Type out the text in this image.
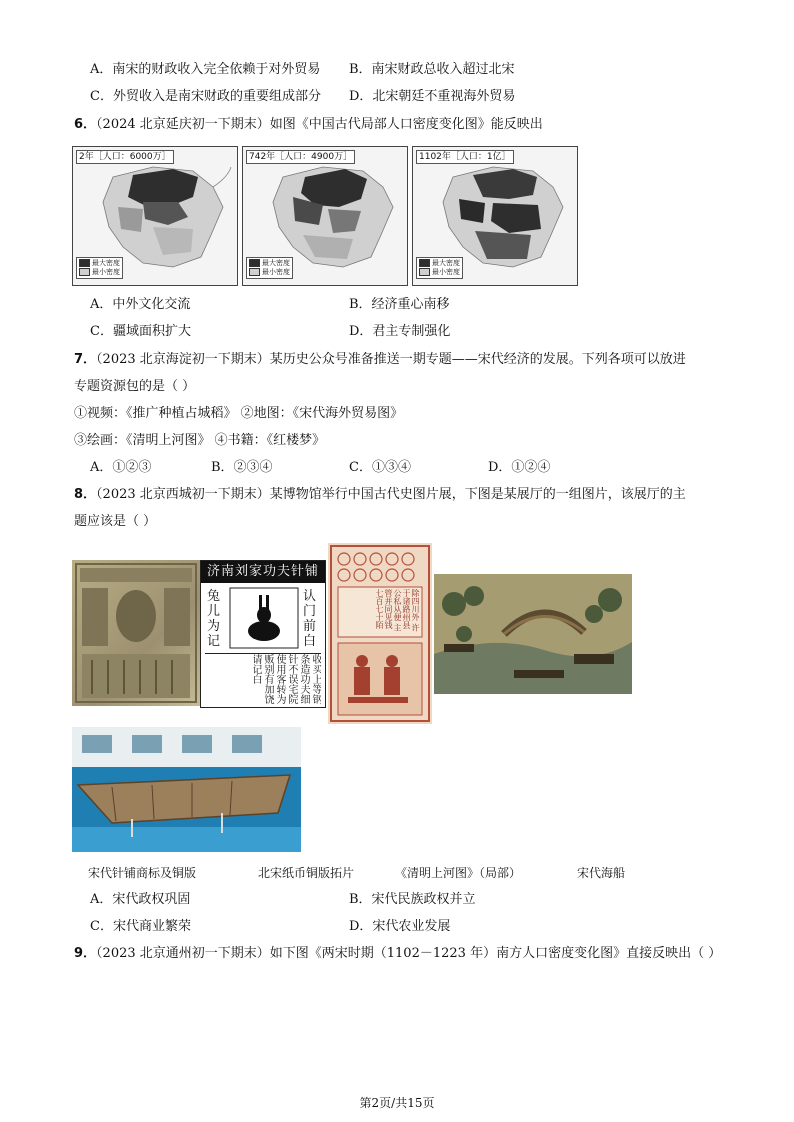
A．南宋的财政收入完全依赖于对外贸易 B．南宋财政总收入超过北宋
C．外贸收入是南宋财政的重要组成部分 D．北宋朝廷不重视海外贸易
6．（2024 北京延庆初一下期末）如图《中国古代局部人口密度变化图》能反映出
2年［人口：6000万］
最大密度
最小密度
742年［人口：4900万］
最大密度
最小密度
1102年［人口：1亿］
最大密度
最小密度
A．中外文化交流	B．经济重心南移
C．疆域面积扩大	D．君主专制强化
7．（2023 北京海淀初一下期末）某历史公众号准备推送一期专题——宋代经济的发展。下列各项可以放进
专题资源包的是（ ）
①视频：《推广种植占城稻》 ②地图：《宋代海外贸易图》
③绘画：《清明上河图》 ④书籍：《红楼梦》
A．①②③	B．②③④	C．①③④	D．①②④
8．（2023 北京西城初一下期末）某博物馆举行中国古代史图片展，下图是某展厅的一组图片，该展厅的主
题应该是（ ）
济南刘家功夫针铺
兔儿为记
认门前白
收买上等钢条造功夫细针不误宅院使用客转为贩别有加饶请记白
除四川外 许于诸路州县 公私从便 主管并同见钱 七百七十陌
宋代针铺商标及铜版	北宋纸币铜版拓片	《清明上河图》（局部）	宋代海船
A．宋代政权巩固	B．宋代民族政权并立
C．宋代商业繁荣	D．宋代农业发展
9．（2023 北京通州初一下期末）如下图《两宋时期（1102－1223 年）南方人口密度变化图》直接反映出（ ）
第2页/共15页
